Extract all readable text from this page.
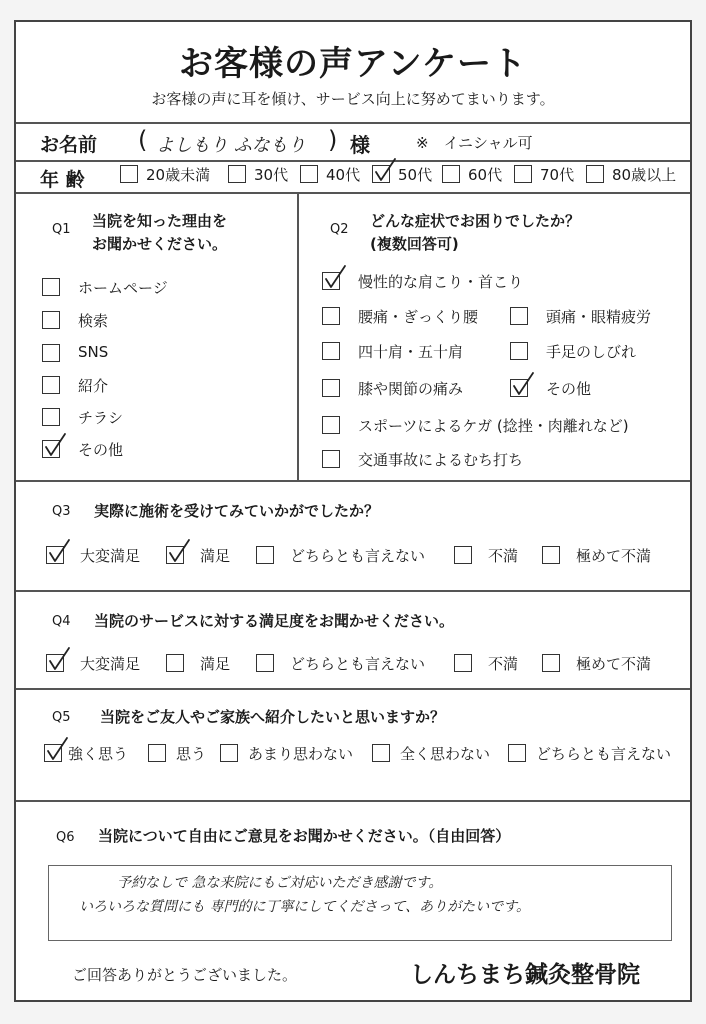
お客様の声アンケート
お客様の声に耳を傾け、サービス向上に努めてまいります。
お名前 ( よしもり ふなもり ) 様	※　イニシャル可
年 齢
Q1 当院を知った理由を
お聞かせください。
Q2 どんな症状でお困りでしたか？
(複数回答可)
Q3 実際に施術を受けてみていかがでしたか？
Q4 当院のサービスに対する満足度をお聞かせください。
Q5 当院をご友人やご家族へ紹介したいと思いますか？
Q6 当院について自由にご意見をお聞かせください。（自由回答）
予約なしで 急な来院にもご対応いただき感謝です。
いろいろな質問にも 専門的に丁寧にしてくださって、ありがたいです。
ご回答ありがとうございました。	しんちまち鍼灸整骨院
20歳未満	30代	40代	50代 60代	70代	80歳以上
ホームページ
検索
SNS
紹介
チラシ
その他
慢性的な肩こり・首こり
腰痛・ぎっくり腰	頭痛・眼精疲労
四十肩・五十肩	手足のしびれ
膝や関節の痛み	その他
スポーツによるケガ (捻挫・肉離れなど)
交通事故によるむち打ち
大変満足	満足	どちらとも言えない	不満	極めて不満
大変満足	満足	どちらとも言えない	不満	極めて不満
強く思う	思う	あまり思わない	全く思わない	どちらとも言えない
